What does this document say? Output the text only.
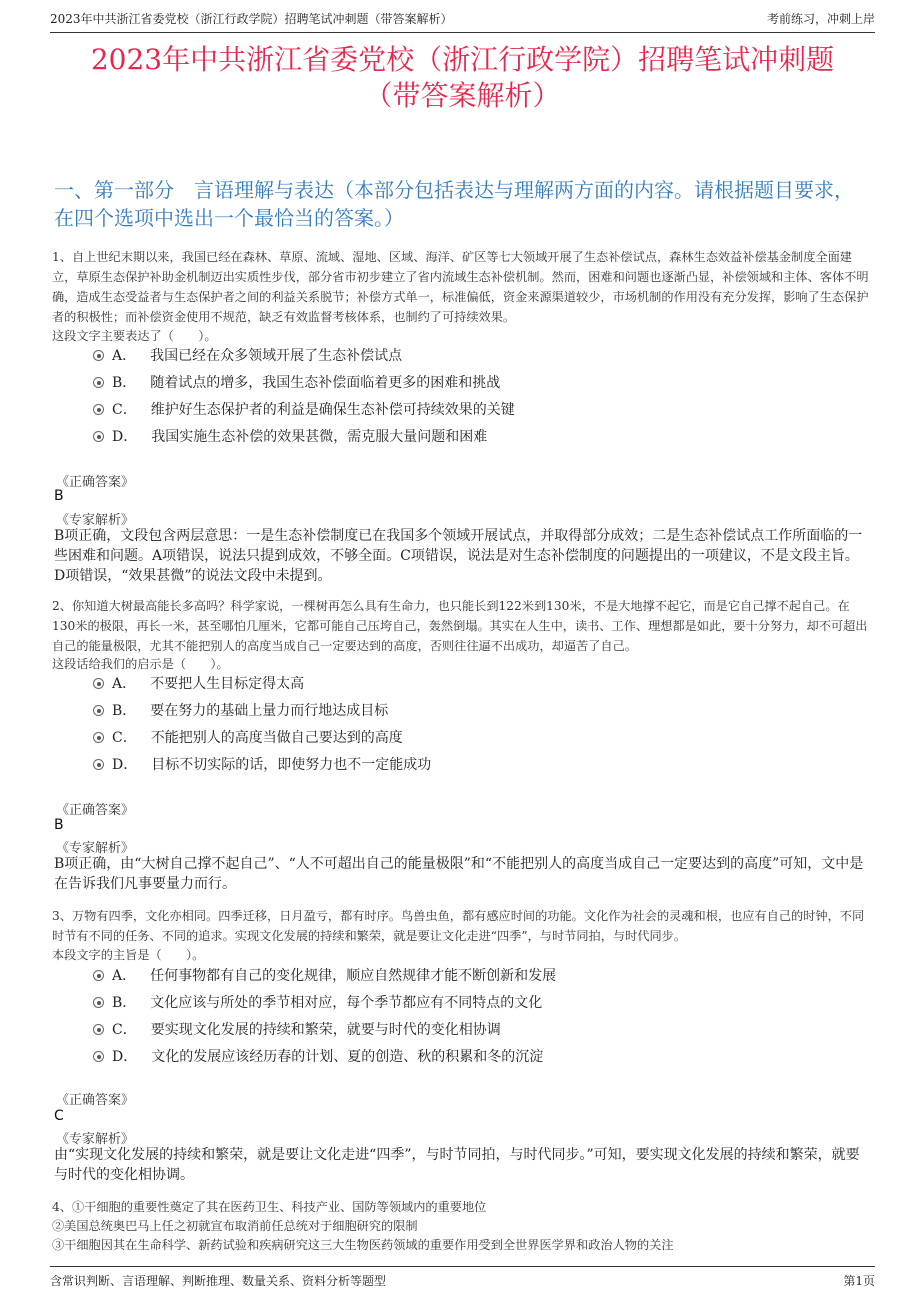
2023年中共浙江省委党校（浙江行政学院）招聘笔试冲刺题（带答案解析）	考前练习，冲刺上岸
2023年中共浙江省委党校（浙江行政学院）招聘笔试冲刺题
（带答案解析）
一、第一部分　言语理解与表达（本部分包括表达与理解两方面的内容。请根据题目要求，在四个选项中选出一个最恰当的答案。）
1、自上世纪末期以来，我国已经在森林、草原、流域、湿地、区域、海洋、矿区等七大领域开展了生态补偿试点，森林生态效益补偿基金制度全面建立，草原生态保护补助金机制迈出实质性步伐，部分省市初步建立了省内流域生态补偿机制。然而，困难和问题也逐渐凸显，补偿领域和主体、客体不明确，造成生态受益者与生态保护者之间的利益关系脱节；补偿方式单一，标准偏低，资金来源渠道较少，市场机制的作用没有充分发挥，影响了生态保护者的积极性；而补偿资金使用不规范，缺乏有效监督考核体系，也制约了可持续效果。
这段文字主要表达了（　　）。
A． 我国已经在众多领域开展了生态补偿试点
B． 随着试点的增多，我国生态补偿面临着更多的困难和挑战
C． 维护好生态保护者的利益是确保生态补偿可持续效果的关键
D． 我国实施生态补偿的效果甚微，需克服大量问题和困难
《正确答案》
B
《专家解析》
B项正确，文段包含两层意思：一是生态补偿制度已在我国多个领域开展试点，并取得部分成效；二是生态补偿试点工作所面临的一些困难和问题。A项错误，说法只提到成效，不够全面。C项错误，说法是对生态补偿制度的问题提出的一项建议，不是文段主旨。D项错误，“效果甚微”的说法文段中未提到。
2、你知道大树最高能长多高吗？科学家说，一棵树再怎么具有生命力，也只能长到122米到130米，不是大地撑不起它，而是它自己撑不起自己。在130米的极限，再长一米，甚至哪怕几厘米，它都可能自己压垮自己，轰然倒塌。其实在人生中，读书、工作、理想都是如此，要十分努力，却不可超出自己的能量极限，尤其不能把别人的高度当成自己一定要达到的高度，否则往往逼不出成功，却逼苦了自己。
这段话给我们的启示是（　　）。
A． 不要把人生目标定得太高
B． 要在努力的基础上量力而行地达成目标
C． 不能把别人的高度当做自己要达到的高度
D． 目标不切实际的话，即使努力也不一定能成功
《正确答案》
B
《专家解析》
B项正确，由“大树自己撑不起自己”、“人不可超出自己的能量极限”和“不能把别人的高度当成自己一定要达到的高度”可知，文中是在告诉我们凡事要量力而行。
3、万物有四季，文化亦相同。四季迁移，日月盈亏，都有时序。鸟兽虫鱼，都有感应时间的功能。文化作为社会的灵魂和根，也应有自己的时钟，不同时节有不同的任务、不同的追求。实现文化发展的持续和繁荣，就是要让文化走进“四季”，与时节同拍，与时代同步。
本段文字的主旨是（　　）。
A． 任何事物都有自己的变化规律，顺应自然规律才能不断创新和发展
B． 文化应该与所处的季节相对应，每个季节都应有不同特点的文化
C． 要实现文化发展的持续和繁荣，就要与时代的变化相协调
D． 文化的发展应该经历春的计划、夏的创造、秋的积累和冬的沉淀
《正确答案》
C
《专家解析》
由“实现文化发展的持续和繁荣，就是要让文化走进“四季”，与时节同拍，与时代同步。”可知，要实现文化发展的持续和繁荣，就要与时代的变化相协调。
4、①干细胞的重要性奠定了其在医药卫生、科技产业、国防等领域内的重要地位
②美国总统奥巴马上任之初就宣布取消前任总统对于细胞研究的限制
③干细胞因其在生命科学、新药试验和疾病研究这三大生物医药领域的重要作用受到全世界医学界和政治人物的关注
含常识判断、言语理解、判断推理、数量关系、资料分析等题型	第1页
